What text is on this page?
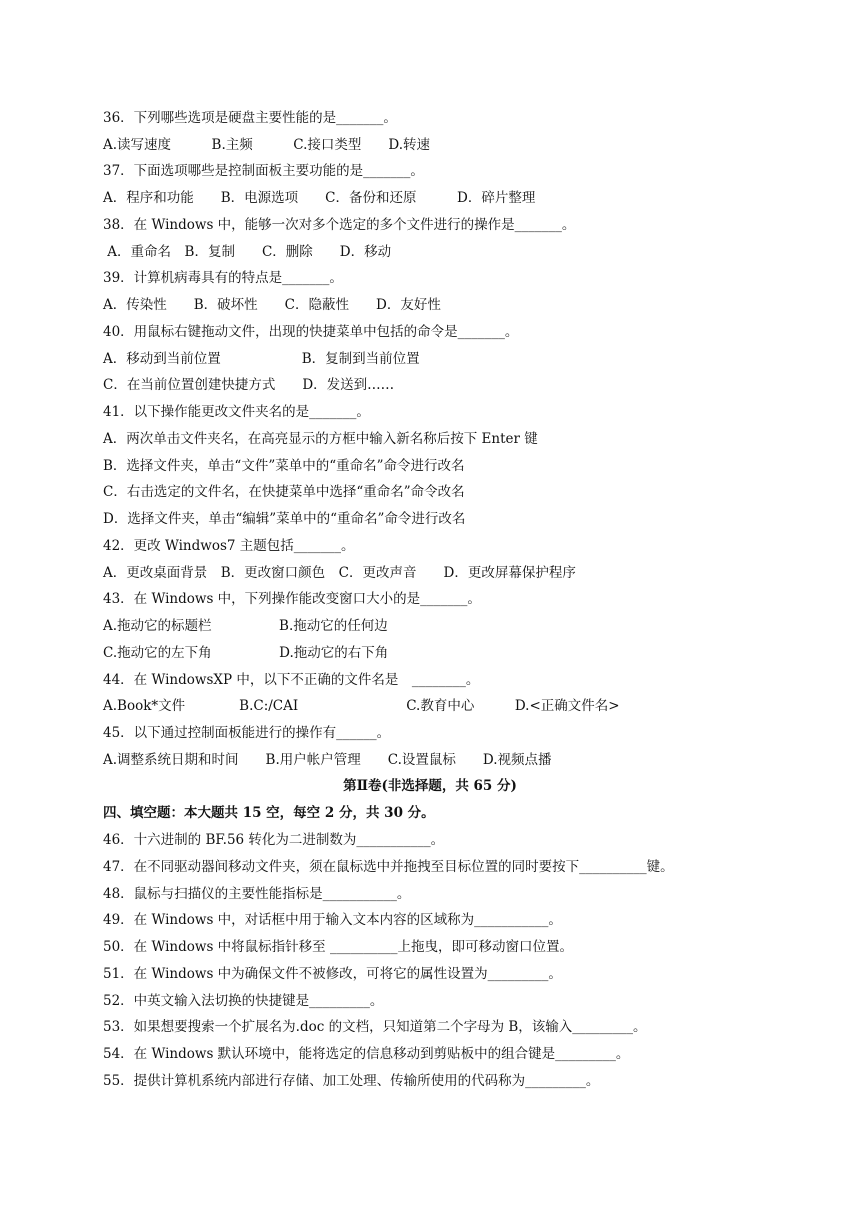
36．下列哪些选项是硬盘主要性能的是_______。
A.读写速度　　　B.主频　　　C.接口类型　　D.转速
37．下面选项哪些是控制面板主要功能的是_______。
A．程序和功能　　B．电源选项　　C．备份和还原　　　D．碎片整理
38．在 Windows 中，能够一次对多个选定的多个文件进行的操作是_______。
A．重命名　B．复制　　C．删除　　D．移动
39．计算机病毒具有的特点是_______。
A．传染性　　B．破坏性　　C．隐蔽性　　D．友好性
40．用鼠标右键拖动文件，出现的快捷菜单中包括的命令是_______。
A．移动到当前位置　　　　　　B．复制到当前位置
C．在当前位置创建快捷方式　　D．发送到……
41．以下操作能更改文件夹名的是_______。
A．两次单击文件夹名，在高亮显示的方框中输入新名称后按下 Enter 键
B．选择文件夹，单击“文件”菜单中的“重命名”命令进行改名
C．右击选定的文件名，在快捷菜单中选择“重命名”命令改名
D．选择文件夹，单击“编辑”菜单中的“重命名”命令进行改名
42．更改 Windwos7 主题包括_______。
A．更改桌面背景　B．更改窗口颜色　C．更改声音　　D．更改屏幕保护程序
43．在 Windows 中，下列操作能改变窗口大小的是_______。
A.拖动它的标题栏　　　　　B.拖动它的任何边
C.拖动它的左下角　　　　　D.拖动它的右下角
44．在 WindowsXP 中，以下不正确的文件名是　________。
A.Book*文件　　　　B.C:/CAI　　　　　　　　C.教育中心　　　D.<正确文件名>
45．以下通过控制面板能进行的操作有______。
A.调整系统日期和时间　　B.用户帐户管理　　C.设置鼠标　　D.视频点播
第Ⅱ卷(非选择题，共 65 分)
四、填空题：本大题共 15 空，每空 2 分，共 30 分。
46．十六进制的 BF.56 转化为二进制数为___________。
47．在不同驱动器间移动文件夹，须在鼠标选中并拖拽至目标位置的同时要按下__________键。
48．鼠标与扫描仪的主要性能指标是___________。
49．在 Windows 中，对话框中用于输入文本内容的区域称为___________。
50．在 Windows 中将鼠标指针移至 __________上拖曳，即可移动窗口位置。
51．在 Windows 中为确保文件不被修改，可将它的属性设置为_________。
52．中英文输入法切换的快捷键是_________。
53．如果想要搜索一个扩展名为.doc 的文档，只知道第二个字母为 B，该输入_________。
54．在 Windows 默认环境中，能将选定的信息移动到剪贴板中的组合键是_________。
55．提供计算机系统内部进行存储、加工处理、传输所使用的代码称为_________。
